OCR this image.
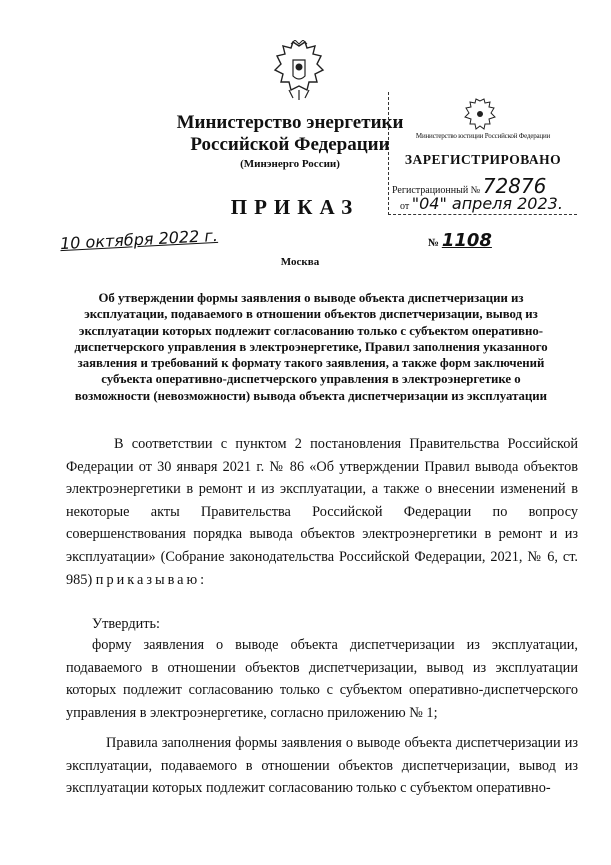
Министерство энергетики
Российской Федерации
(Минэнерго России)
ПРИКАЗ
Министерство юстиции Российской Федерации
ЗАРЕГИСТРИРОВАНО
Регистрационный № 72876
от "04" апреля 2023.
10 октября 2022 г.	№ 1108
Москва
Об утверждении формы заявления о выводе объекта диспетчеризации из эксплуатации, подаваемого в отношении объектов диспетчеризации, вывод из эксплуатации которых подлежит согласованию только с субъектом оперативно-диспетчерского управления в электроэнергетике, Правил заполнения указанного заявления и требований к формату такого заявления, а также форм заключений субъекта оперативно-диспетчерского управления в электроэнергетике о возможности (невозможности) вывода объекта диспетчеризации из эксплуатации
В соответствии с пунктом 2 постановления Правительства Российской Федерации от 30 января 2021 г. № 86 «Об утверждении Правил вывода объектов электроэнергетики в ремонт и из эксплуатации, а также о внесении изменений в некоторые акты Правительства Российской Федерации по вопросу совершенствования порядка вывода объектов электроэнергетики в ремонт и из эксплуатации» (Собрание законодательства Российской Федерации, 2021, № 6, ст. 985) приказываю:
Утвердить:
форму заявления о выводе объекта диспетчеризации из эксплуатации, подаваемого в отношении объектов диспетчеризации, вывод из эксплуатации которых подлежит согласованию только с субъектом оперативно-диспетчерского управления в электроэнергетике, согласно приложению № 1;
Правила заполнения формы заявления о выводе объекта диспетчеризации из эксплуатации, подаваемого в отношении объектов диспетчеризации, вывод из эксплуатации которых подлежит согласованию только с субъектом оперативно-
